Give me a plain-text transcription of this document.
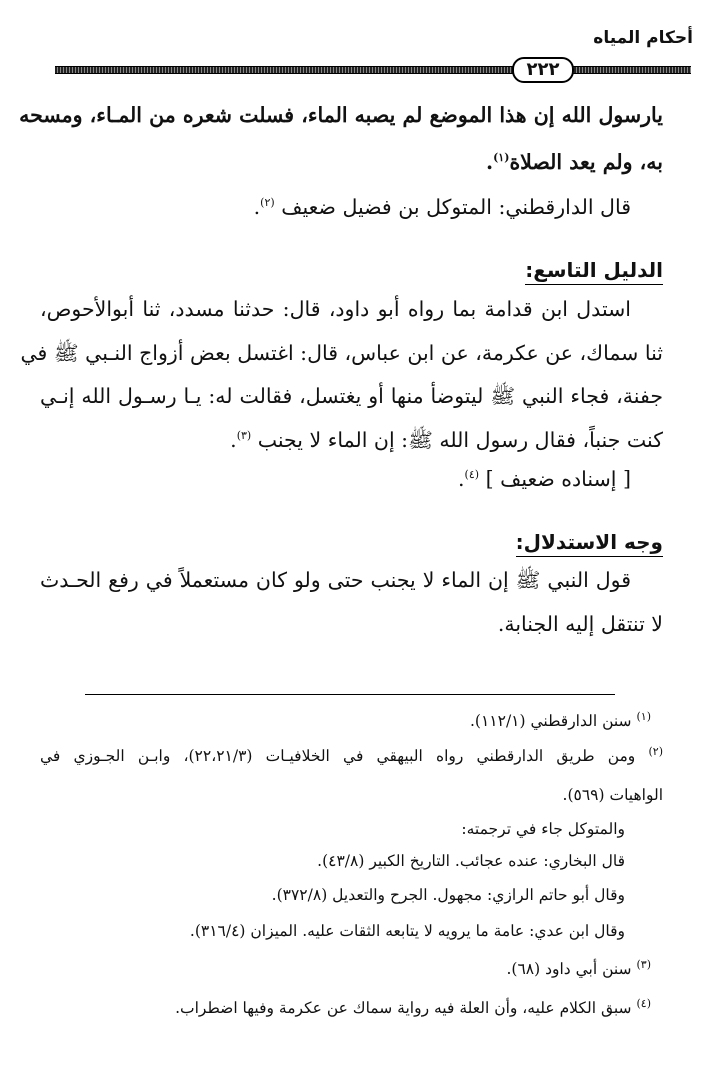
أحكام المياه
٢٢٢
يارسول الله إن هذا الموضع لم يصبه الماء، فسلت شعره من المـاء، ومسحه
به، ولم يعد الصلاة$^{(١)}$.
قال الدارقطني: المتوكل بن فضيل ضعيف $^{(٢)}$.
الدليل التاسع:
استدل ابن قدامة بما رواه أبو داود، قال: حدثنا مسدد، ثنا أبوالأحوص،
ثنا سماك، عن عكرمة، عن ابن عباس، قال: اغتسل بعض أزواج النـبي ﷺ في
جفنة، فجاء النبي ﷺ ليتوضأ منها أو يغتسل، فقالت له: يـا رسـول الله إنـي
كنت جنباً، فقال رسول الله ﷺ: إن الماء لا يجنب $^{(٣)}$.
[ إسناده ضعيف ] $^{(٤)}$.
وجه الاستدلال:
قول النبي ﷺ إن الماء لا يجنب حتى ولو كان مستعملاً في رفع الحـدث
لا تنتقل إليه الجنابة.
$^{(١)}$ سنن الدارقطني (١١٢/١).
$^{(٢)}$ ومن طريق الدارقطني رواه البيهقي في الخلافيـات (٢٢،٢١/٣)، وابـن الجـوزي في
الواهيات (٥٦٩).
والمتوكل جاء في ترجمته:
قال البخاري: عنده عجائب. التاريخ الكبير (٤٣/٨).
وقال أبو حاتم الرازي: مجهول. الجرح والتعديل (٣٧٢/٨).
وقال ابن عدي: عامة ما يرويه لا يتابعه الثقات عليه. الميزان (٣١٦/٤).
$^{(٣)}$ سنن أبي داود (٦٨).
$^{(٤)}$ سبق الكلام عليه، وأن العلة فيه رواية سماك عن عكرمة وفيها اضطراب.
